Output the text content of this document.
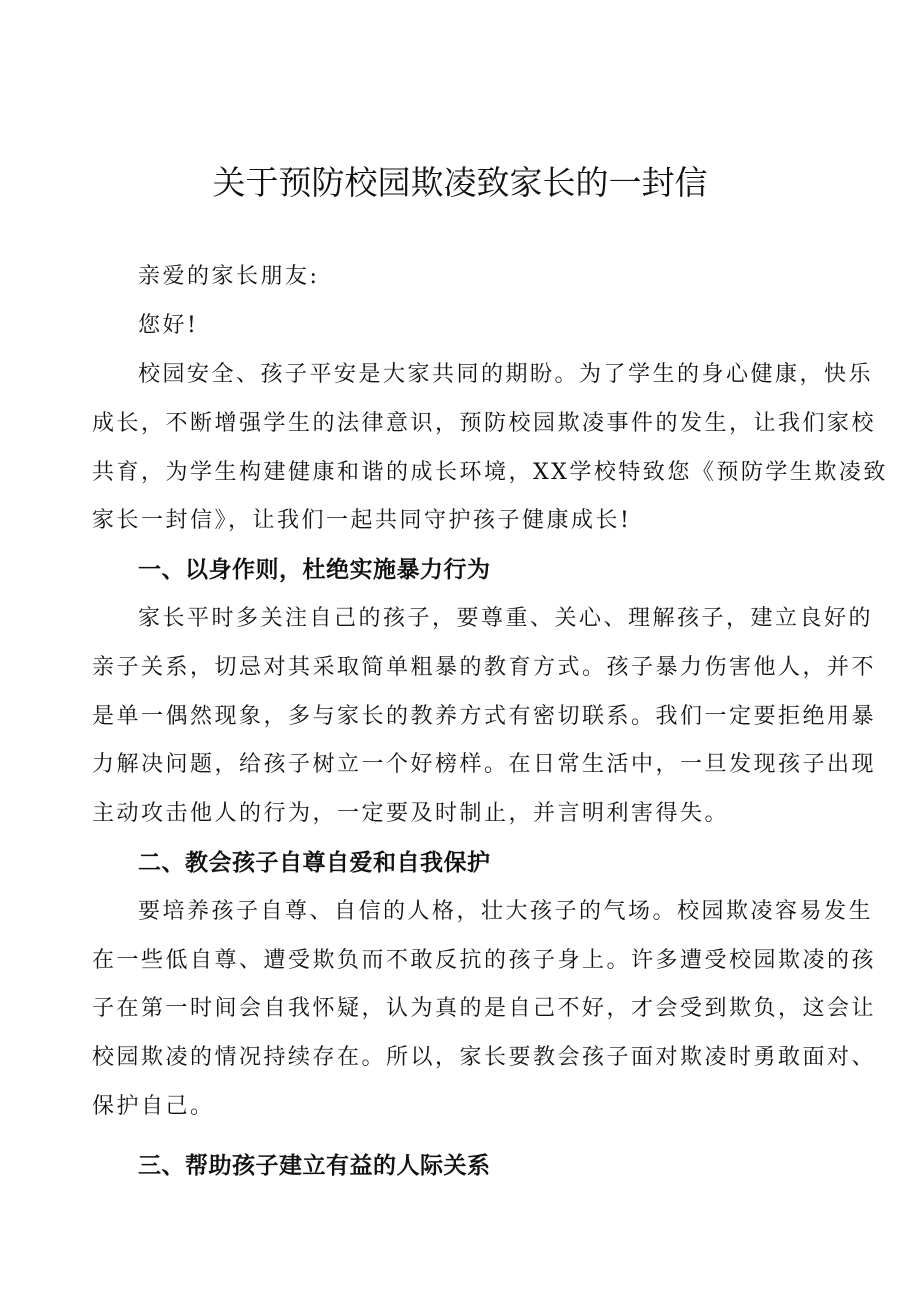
关于预防校园欺凌致家长的一封信

亲爱的家长朋友:

您好!

校园安全、孩子平安是大家共同的期盼。为了学生的身心健康，快乐

成长，不断增强学生的法律意识，预防校园欺凌事件的发生，让我们家校

共育，为学生构建健康和谐的成长环境，XX学校特致您《预防学生欺凌致

家长一封信》，让我们一起共同守护孩子健康成长!

一、以身作则，杜绝实施暴力行为

家长平时多关注自己的孩子，要尊重、关心、理解孩子，建立良好的

亲子关系，切忌对其采取简单粗暴的教育方式。孩子暴力伤害他人，并不

是单一偶然现象，多与家长的教养方式有密切联系。我们一定要拒绝用暴

力解决问题，给孩子树立一个好榜样。在日常生活中，一旦发现孩子出现

主动攻击他人的行为，一定要及时制止，并言明利害得失。

二、教会孩子自尊自爱和自我保护

要培养孩子自尊、自信的人格，壮大孩子的气场。校园欺凌容易发生

在一些低自尊、遭受欺负而不敢反抗的孩子身上。许多遭受校园欺凌的孩

子在第一时间会自我怀疑，认为真的是自己不好，才会受到欺负，这会让

校园欺凌的情况持续存在。所以，家长要教会孩子面对欺凌时勇敢面对、

保护自己。

三、帮助孩子建立有益的人际关系
